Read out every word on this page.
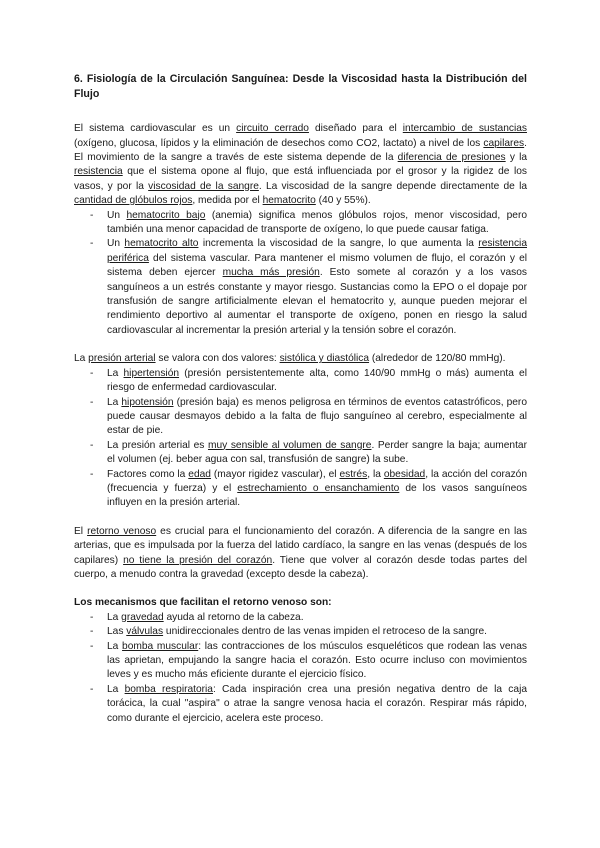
6. Fisiología de la Circulación Sanguínea: Desde la Viscosidad hasta la Distribución del Flujo

El sistema cardiovascular es un circuito cerrado diseñado para el intercambio de sustancias (oxígeno, glucosa, lípidos y la eliminación de desechos como CO2, lactato) a nivel de los capilares. El movimiento de la sangre a través de este sistema depende de la diferencia de presiones y la resistencia que el sistema opone al flujo, que está influenciada por el grosor y la rigidez de los vasos, y por la viscosidad de la sangre. La viscosidad de la sangre depende directamente de la cantidad de glóbulos rojos, medida por el hematocrito (40 y 55%).

- Un hematocrito bajo (anemia) significa menos glóbulos rojos, menor viscosidad, pero también una menor capacidad de transporte de oxígeno, lo que puede causar fatiga.
- Un hematocrito alto incrementa la viscosidad de la sangre, lo que aumenta la resistencia periférica del sistema vascular. Para mantener el mismo volumen de flujo, el corazón y el sistema deben ejercer mucha más presión. Esto somete al corazón y a los vasos sanguíneos a un estrés constante y mayor riesgo. Sustancias como la EPO o el dopaje por transfusión de sangre artificialmente elevan el hematocrito y, aunque pueden mejorar el rendimiento deportivo al aumentar el transporte de oxígeno, ponen en riesgo la salud cardiovascular al incrementar la presión arterial y la tensión sobre el corazón.

La presión arterial se valora con dos valores: sistólica y diastólica (alrededor de 120/80 mmHg).

- La hipertensión (presión persistentemente alta, como 140/90 mmHg o más) aumenta el riesgo de enfermedad cardiovascular.
- La hipotensión (presión baja) es menos peligrosa en términos de eventos catastróficos, pero puede causar desmayos debido a la falta de flujo sanguíneo al cerebro, especialmente al estar de pie.
- La presión arterial es muy sensible al volumen de sangre. Perder sangre la baja; aumentar el volumen (ej. beber agua con sal, transfusión de sangre) la sube.
- Factores como la edad (mayor rigidez vascular), el estrés, la obesidad, la acción del corazón (frecuencia y fuerza) y el estrechamiento o ensanchamiento de los vasos sanguíneos influyen en la presión arterial.

El retorno venoso es crucial para el funcionamiento del corazón. A diferencia de la sangre en las arterias, que es impulsada por la fuerza del latido cardíaco, la sangre en las venas (después de los capilares) no tiene la presión del corazón. Tiene que volver al corazón desde todas partes del cuerpo, a menudo contra la gravedad (excepto desde la cabeza).

Los mecanismos que facilitan el retorno venoso son:

- La gravedad ayuda al retorno de la cabeza.
- Las válvulas unidireccionales dentro de las venas impiden el retroceso de la sangre.
- La bomba muscular: las contracciones de los músculos esqueléticos que rodean las venas las aprietan, empujando la sangre hacia el corazón. Esto ocurre incluso con movimientos leves y es mucho más eficiente durante el ejercicio físico.
- La bomba respiratoria: Cada inspiración crea una presión negativa dentro de la caja torácica, la cual "aspira" o atrae la sangre venosa hacia el corazón. Respirar más rápido, como durante el ejercicio, acelera este proceso.
